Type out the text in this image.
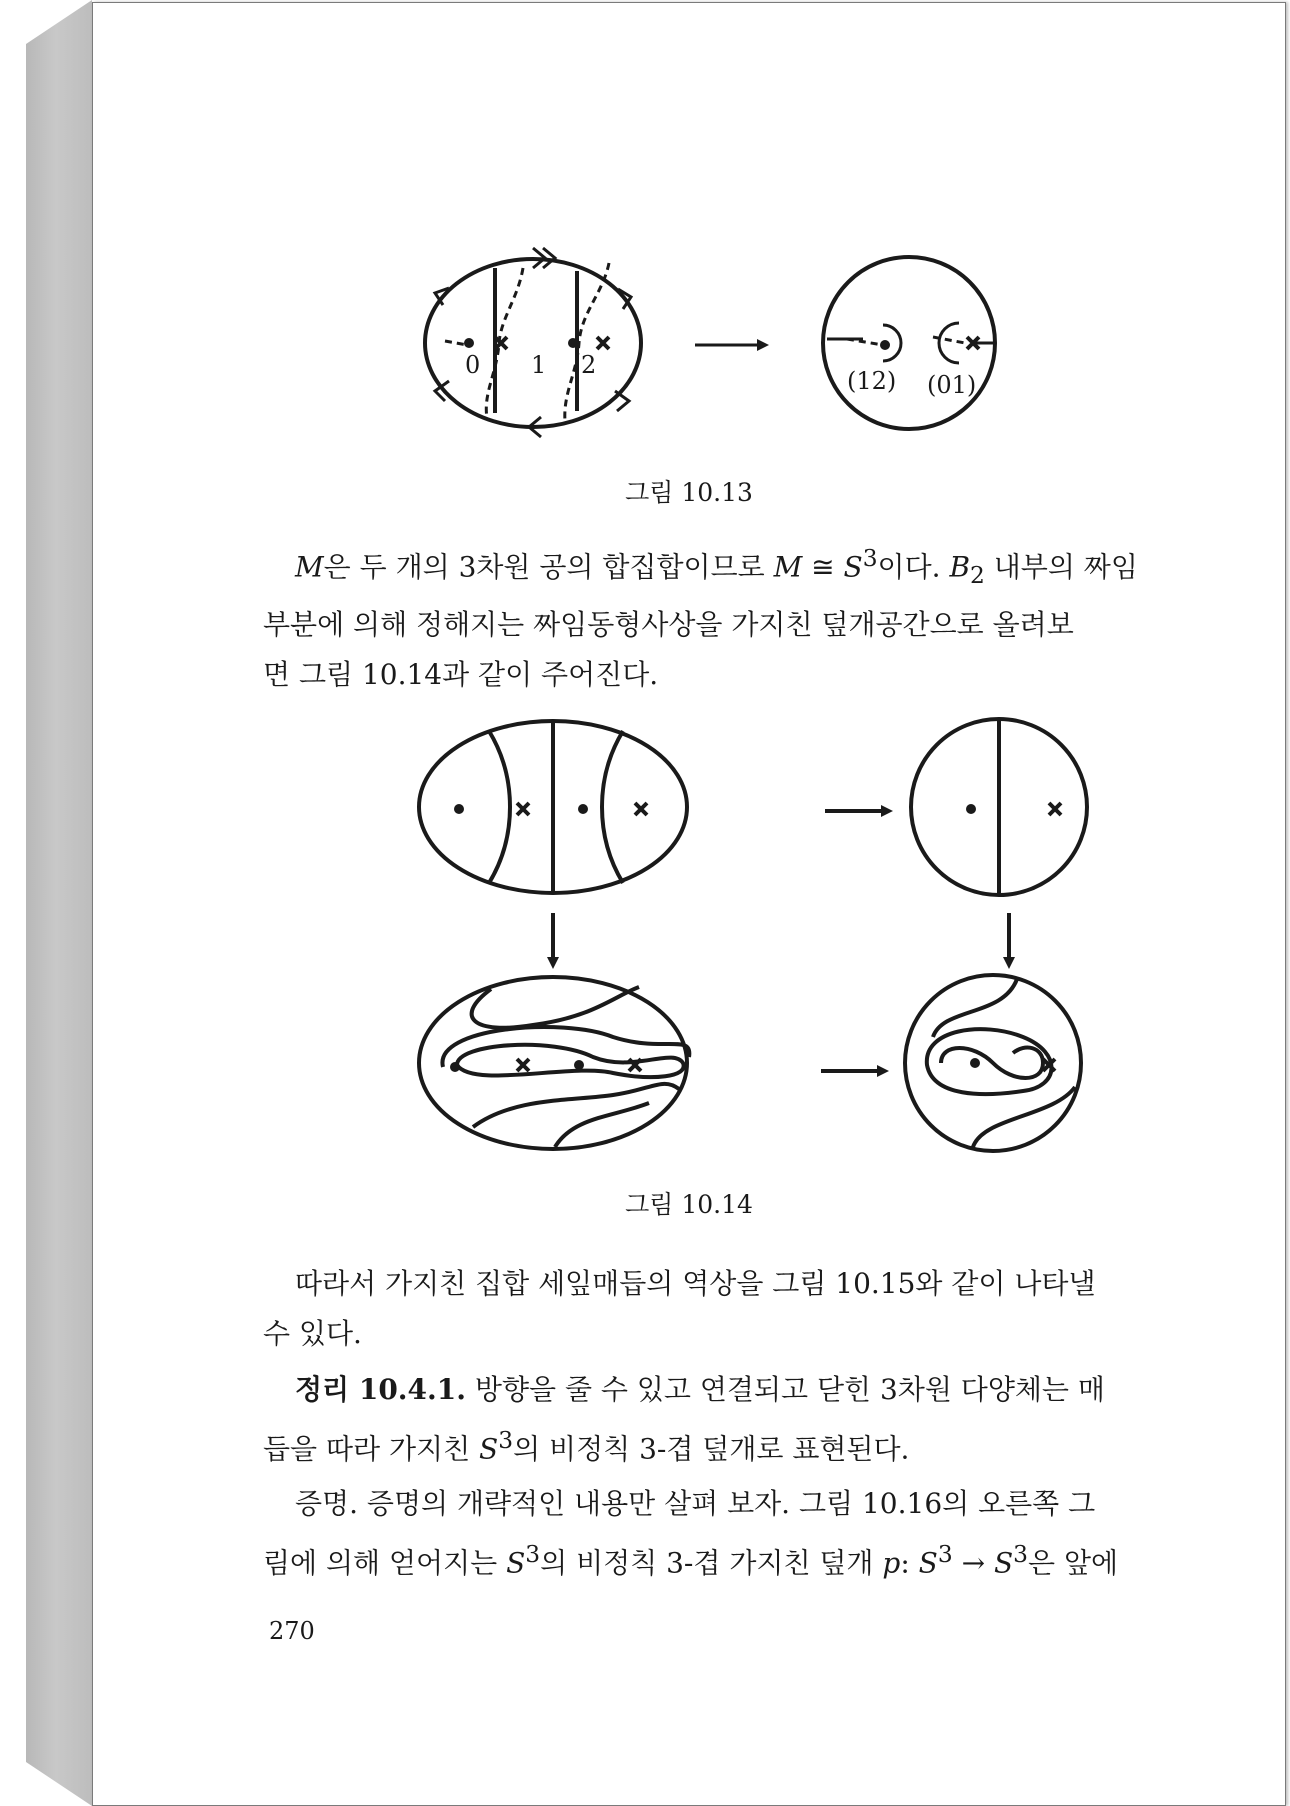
0 1 2
(12) (01)
그림 10.13

M은 두 개의 3차원 공의 합집합이므로 M ≅ $S^3$이다. $B_2$ 내부의 짜임
부분에 의해 정해지는 짜임동형사상을 가지친 덮개공간으로 올려보
면 그림 10.14과 같이 주어진다.

그림 10.14

따라서 가지친 집합 세잎매듭의 역상을 그림 10.15와 같이 나타낼
수 있다.

정리 10.4.1. 방향을 줄 수 있고 연결되고 닫힌 3차원 다양체는 매
듭을 따라 가지친 $S^3$의 비정칙 3-겹 덮개로 표현된다.

증명. 증명의 개략적인 내용만 살펴 보자. 그림 10.16의 오른쪽 그
림에 의해 얻어지는 $S^3$의 비정칙 3-겹 가지친 덮개 p: $S^3 \to S^3$은 앞에

270
